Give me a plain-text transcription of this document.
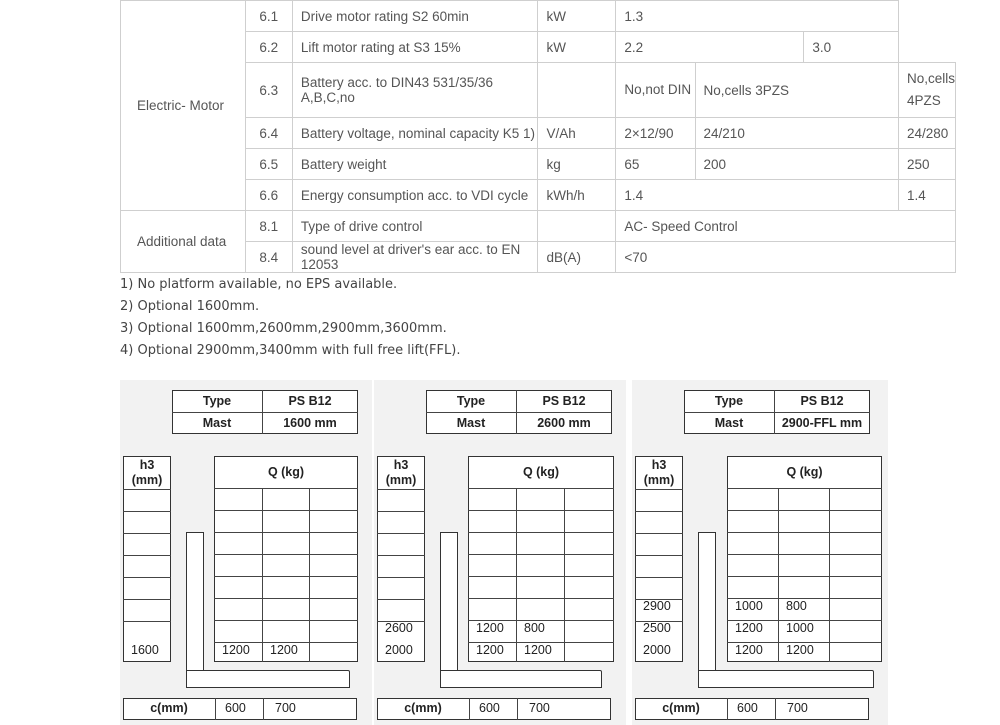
Electric- Motor	6.1	Drive motor rating S2 60min	kW	1.3			
	6.2	Lift motor rating at S3 15%	kW	2.2		3.0	
	6.3	Battery acc. to DIN43 531/35/36 A,B,C,no		No,not DIN	No,cells 3PZS		No,cells 4PZS
	6.4	Battery voltage, nominal capacity K5 1)	V/Ah	2×12/90	24/210		24/280
	6.5	Battery weight	kg	65	200		250
	6.6	Energy consumption acc. to VDI cycle	kWh/h	1.4			1.4
Additional data	8.1	Type of drive control		AC- Speed Control			
	8.4	sound level at driver's ear acc. to EN 12053	dB(A)	<70			
1) No platform available, no EPS available.
2) Optional 1600mm.
3) Optional 1600mm,2600mm,2900mm,3600mm.
4) Optional 2900mm,3400mm with full free lift(FFL).
Type
Mast
PS B12
1600 mm
h3
(mm)
Q (kg)
1600	1200	1200
c(mm)	600	700
Type
Mast
PS B12
2600 mm
h3
(mm)
Q (kg)
2600	1200	800
2000	1200	1200
c(mm)	600	700
Type
Mast
PS B12
2900-FFL mm
h3
(mm)
Q (kg)
2900	1000	800
2500	1200	1000
2000	1200	1200
c(mm)	600	700
